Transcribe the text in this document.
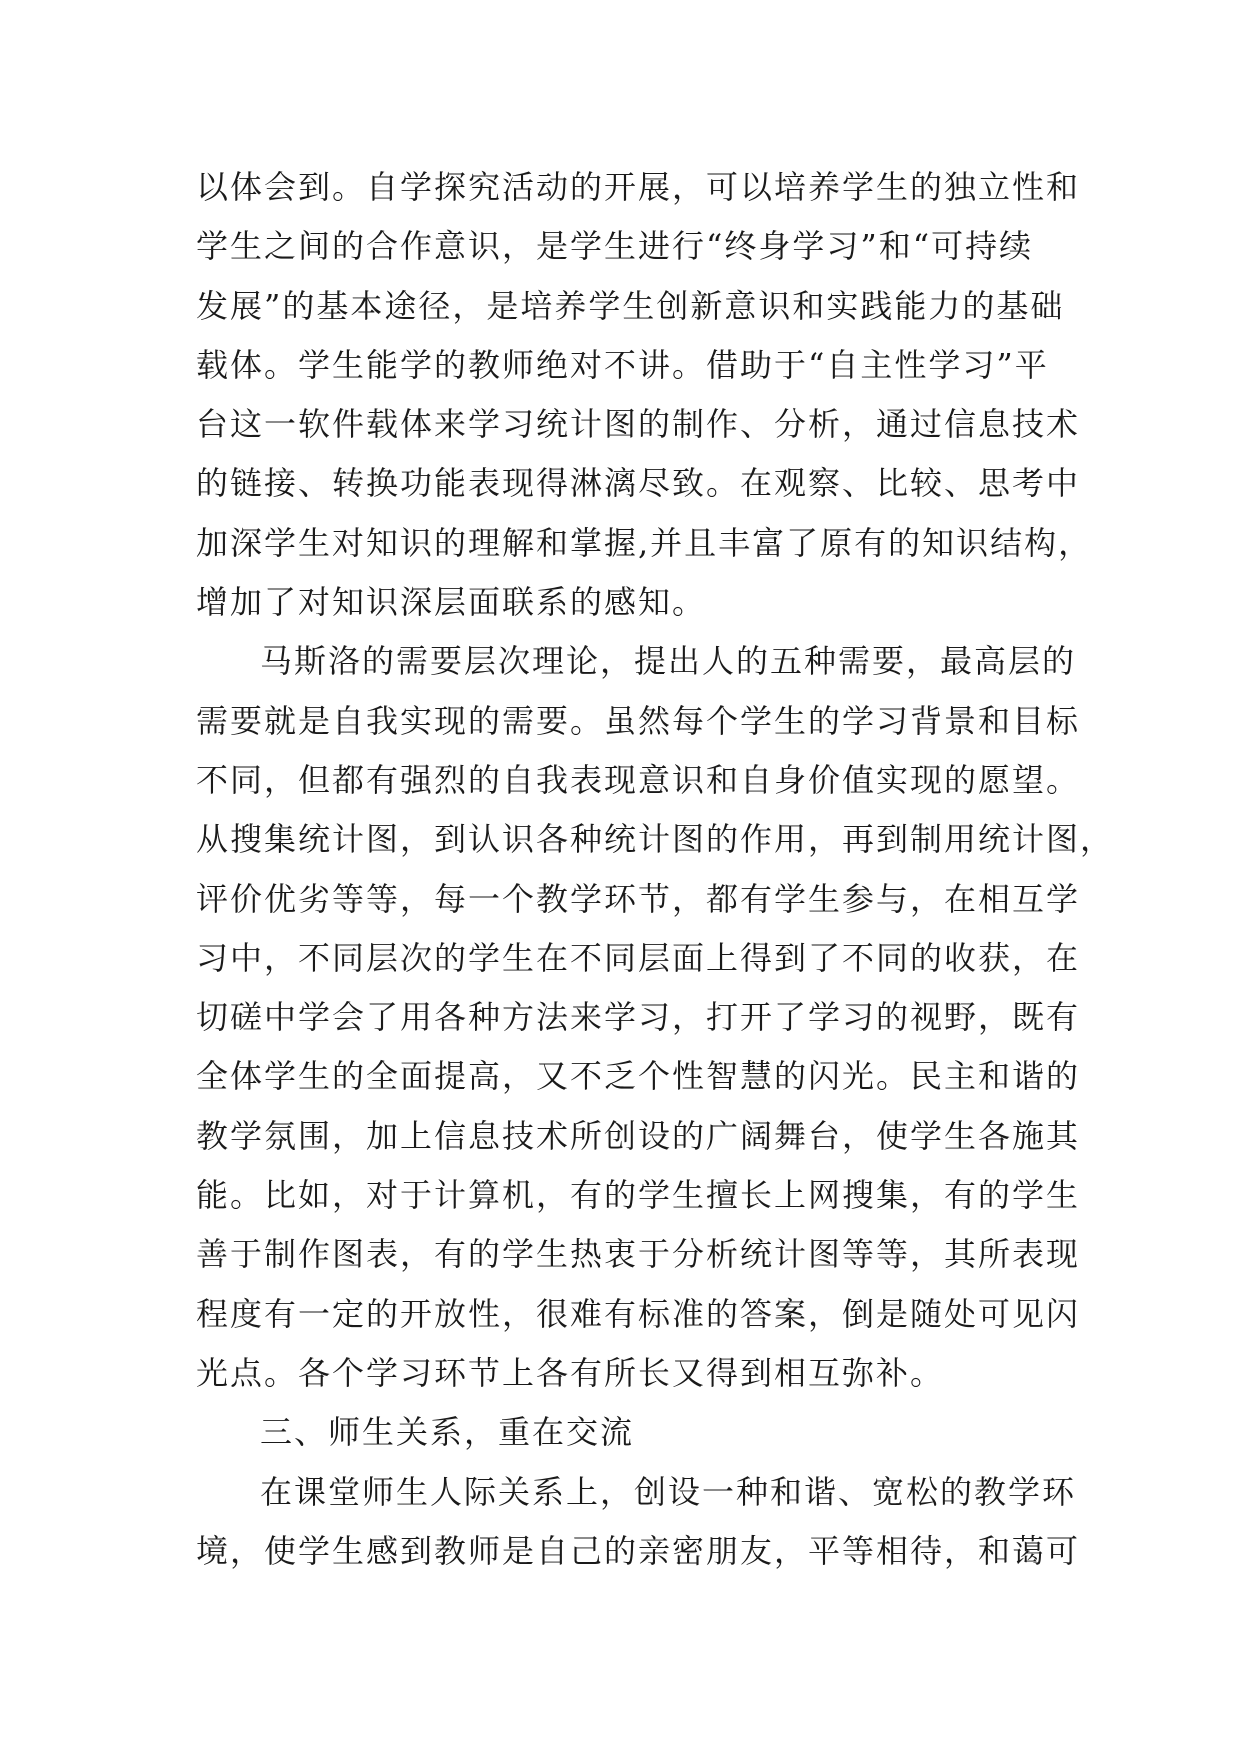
以体会到。自学探究活动的开展，可以培养学生的独立性和
学生之间的合作意识，是学生进行“终身学习”和“可持续
发展”的基本途径，是培养学生创新意识和实践能力的基础
载体。学生能学的教师绝对不讲。借助于“自主性学习”平
台这一软件载体来学习统计图的制作、分析，通过信息技术
的链接、转换功能表现得淋漓尽致。在观察、比较、思考中
加深学生对知识的理解和掌握,并且丰富了原有的知识结构，
增加了对知识深层面联系的感知。
马斯洛的需要层次理论，提出人的五种需要，最高层的
需要就是自我实现的需要。虽然每个学生的学习背景和目标
不同，但都有强烈的自我表现意识和自身价值实现的愿望。
从搜集统计图，到认识各种统计图的作用，再到制用统计图，
评价优劣等等，每一个教学环节，都有学生参与，在相互学
习中，不同层次的学生在不同层面上得到了不同的收获，在
切磋中学会了用各种方法来学习，打开了学习的视野，既有
全体学生的全面提高，又不乏个性智慧的闪光。民主和谐的
教学氛围，加上信息技术所创设的广阔舞台，使学生各施其
能。比如，对于计算机，有的学生擅长上网搜集，有的学生
善于制作图表，有的学生热衷于分析统计图等等，其所表现
程度有一定的开放性，很难有标准的答案，倒是随处可见闪
光点。各个学习环节上各有所长又得到相互弥补。
三、师生关系，重在交流
在课堂师生人际关系上，创设一种和谐、宽松的教学环
境，使学生感到教师是自己的亲密朋友，平等相待，和蔼可
